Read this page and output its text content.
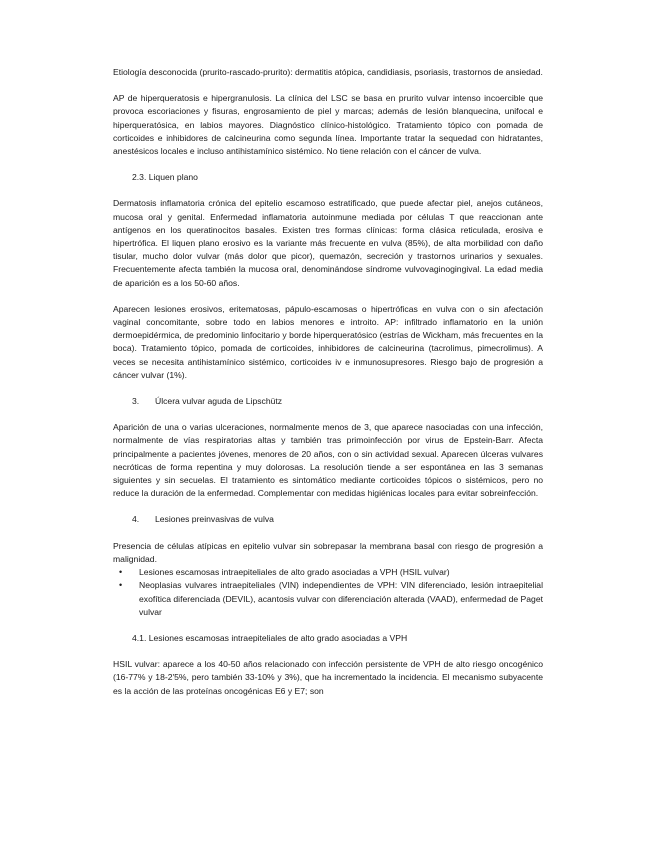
Etiología desconocida (prurito-rascado-prurito): dermatitis atópica, candidiasis, psoriasis, trastornos de ansiedad.

AP de hiperqueratosis e hipergranulosis. La clínica del LSC se basa en prurito vulvar intenso incoercible que provoca escoriaciones y fisuras, engrosamiento de piel y marcas; además de lesión blanquecina, unifocal e hiperqueratósica, en labios mayores. Diagnóstico clínico-histológico. Tratamiento tópico con pomada de corticoides e inhibidores de calcineurina como segunda línea. Importante tratar la sequedad con hidratantes, anestésicos locales e incluso antihistamínico sistémico. No tiene relación con el cáncer de vulva.

2.3. Liquen plano

Dermatosis inflamatoria crónica del epitelio escamoso estratificado, que puede afectar piel, anejos cutáneos, mucosa oral y genital. Enfermedad inflamatoria autoinmune mediada por células T que reaccionan ante antígenos en los queratinocitos basales. Existen tres formas clínicas: forma clásica reticulada, erosiva e hipertrófica. El liquen plano erosivo es la variante más frecuente en vulva (85%), de alta morbilidad con daño tisular, mucho dolor vulvar (más dolor que picor), quemazón, secreción y trastornos urinarios y sexuales. Frecuentemente afecta también la mucosa oral, denominándose síndrome vulvovaginogingival. La edad media de aparición es a los 50-60 años.

Aparecen lesiones erosivos, eritematosas, pápulo-escamosas o hipertróficas en vulva con o sin afectación vaginal concomitante, sobre todo en labios menores e introito. AP: infiltrado inflamatorio en la unión dermoepidérmica, de predominio linfocitario y borde hiperqueratósico (estrías de Wickham, más frecuentes en la boca). Tratamiento tópico, pomada de corticoides, inhibidores de calcineurina (tacrolimus, pimecrolimus). A veces se necesita antihistamínico sistémico, corticoides iv e inmunosupresores. Riesgo bajo de progresión a cáncer vulvar (1%).

3. Úlcera vulvar aguda de Lipschütz

Aparición de una o varias ulceraciones, normalmente menos de 3, que aparece nasociadas con una infección, normalmente de vías respiratorias altas y también tras primoinfección por virus de Epstein-Barr. Afecta principalmente a pacientes jóvenes, menores de 20 años, con o sin actividad sexual. Aparecen úlceras vulvares necróticas de forma repentina y muy dolorosas. La resolución tiende a ser espontánea en las 3 semanas siguientes y sin secuelas. El tratamiento es sintomático mediante corticoides tópicos o sistémicos, pero no reduce la duración de la enfermedad. Complementar con medidas higiénicas locales para evitar sobreinfección.

4. Lesiones preinvasivas de vulva

Presencia de células atípicas en epitelio vulvar sin sobrepasar la membrana basal con riesgo de progresión a malignidad.

• Lesiones escamosas intraepiteliales de alto grado asociadas a VPH (HSIL vulvar)
• Neoplasias vulvares intraepiteliales (VIN) independientes de VPH: VIN diferenciado, lesión intraepitelial exofítica diferenciada (DEVIL), acantosis vulvar con diferenciación alterada (VAAD), enfermedad de Paget vulvar
4.1. Lesiones escamosas intraepiteliales de alto grado asociadas a VPH

HSIL vulvar: aparece a los 40-50 años relacionado con infección persistente de VPH de alto riesgo oncogénico (16-77% y 18-2'5%, pero también 33-10% y 3%), que ha incrementado la incidencia. El mecanismo subyacente es la acción de las proteínas oncogénicas E6 y E7; son
